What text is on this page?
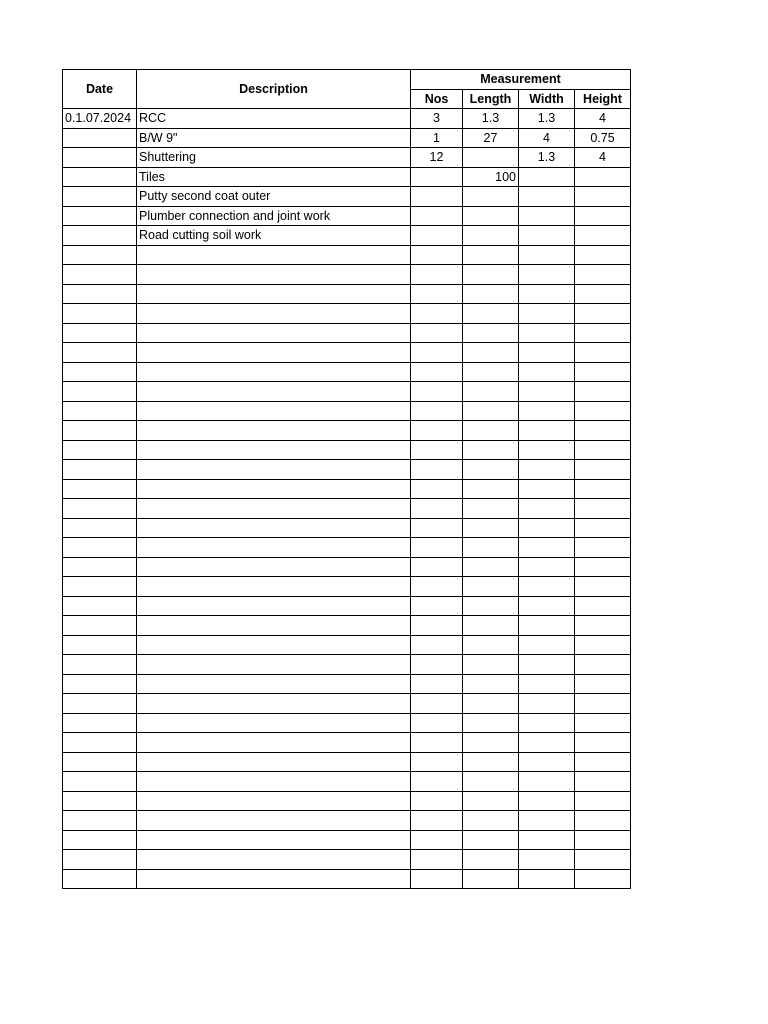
Date	Description	Measurement			
		Nos	Length	Width	Height
0.1.07.2024	RCC	3	1.3	1.3	4
	B/W 9"	1	27	4	0.75
	Shuttering	12		1.3	4
	Tiles		100		
	Putty second coat outer				
	Plumber connection and joint work				
	Road cutting soil work				
